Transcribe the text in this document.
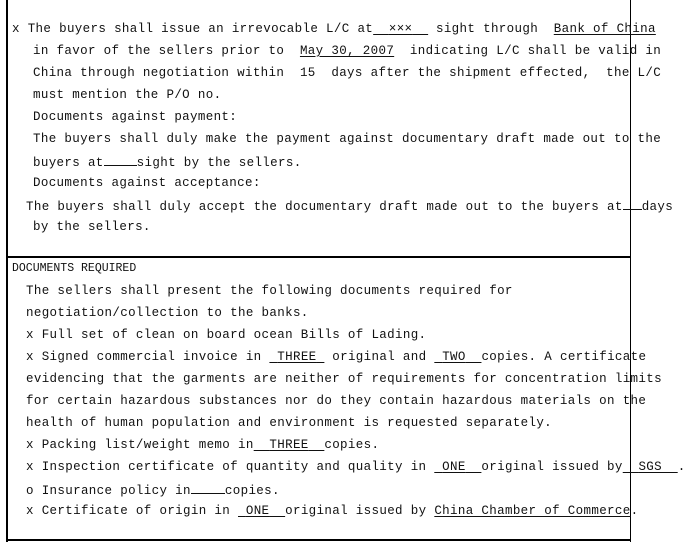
x The buyers shall issue an irrevocable L/C at ××× sight through Bank of China
in favor of the sellers prior to May 30, 2007 indicating L/C shall be valid in
China through negotiation within 15 days after the shipment effected,  the L/C
must mention the P/O no.
Documents against payment:
The buyers shall duly make the payment against documentary draft made out to the
buyers at	sight by the sellers.
Documents against acceptance:
The buyers shall duly accept the documentary draft made out to the buyers at days
by the sellers.
DOCUMENTS REQUIRED
The sellers shall present the following documents required for
negotiation/collection to the banks.
x Full set of clean on board ocean Bills of Lading.
x Signed commercial invoice in THREE original and TWO copies. A certificate
evidencing that the garments are neither of requirements for concentration limits
for certain hazardous substances nor do they contain hazardous materials on the
health of human population and environment is requested separately.
x Packing list/weight memo in THREE copies.
x Inspection certificate of quantity and quality in ONE original issued by SGS .
o Insurance policy in	copies.
x Certificate of origin in ONE original issued by China Chamber of Commerce.
